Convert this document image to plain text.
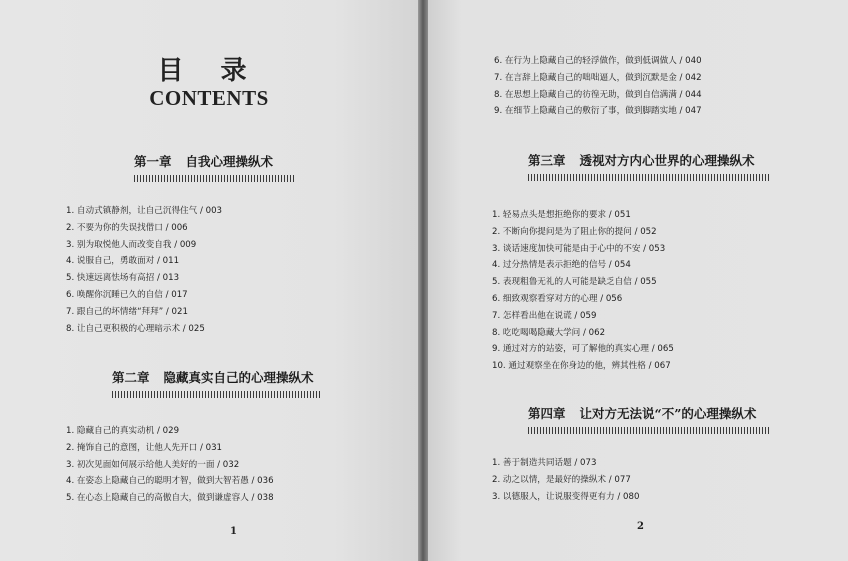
目 录
CONTENTS
第一章 自我心理操纵术
1. 自动式镇静剂，让自己沉得住气 / 003
2. 不要为你的失误找借口 / 006
3. 别为取悦他人而改变自我 / 009
4. 说服自己，勇敢面对 / 011
5. 快速远离怯场有高招 / 013
6. 唤醒你沉睡已久的自信 / 017
7. 跟自己的坏情绪“拜拜” / 021
8. 让自己更积极的心理暗示术 / 025
第二章 隐藏真实自己的心理操纵术
1. 隐藏自己的真实动机 / 029
2. 掩饰自己的意图，让他人先开口 / 031
3. 初次见面如何展示给他人美好的一面 / 032
4. 在姿态上隐藏自己的聪明才智，做到大智若愚 / 036
5. 在心态上隐藏自己的高傲自大，做到谦虚容人 / 038
1
6. 在行为上隐藏自己的轻浮做作，做到低调做人 / 040
7. 在言辞上隐藏自己的咄咄逼人，做到沉默是金 / 042
8. 在思想上隐藏自己的彷徨无助，做到自信满满 / 044
9. 在细节上隐藏自己的敷衍了事，做到脚踏实地 / 047
第三章 透视对方内心世界的心理操纵术
1. 轻易点头是想拒绝你的要求 / 051
2. 不断向你提问是为了阻止你的提问 / 052
3. 谈话速度加快可能是由于心中的不安 / 053
4. 过分热情是表示拒绝的信号 / 054
5. 表现粗鲁无礼的人可能是缺乏自信 / 055
6. 细致观察看穿对方的心理 / 056
7. 怎样看出他在说谎 / 059
8. 吃吃喝喝隐藏大学问 / 062
9. 通过对方的站姿，可了解他的真实心理 / 065
10. 通过观察坐在你身边的他，辨其性格 / 067
第四章 让对方无法说“不”的心理操纵术
1. 善于制造共同话题 / 073
2. 动之以情，是最好的操纵术 / 077
3. 以德服人，让说服变得更有力 / 080
2
